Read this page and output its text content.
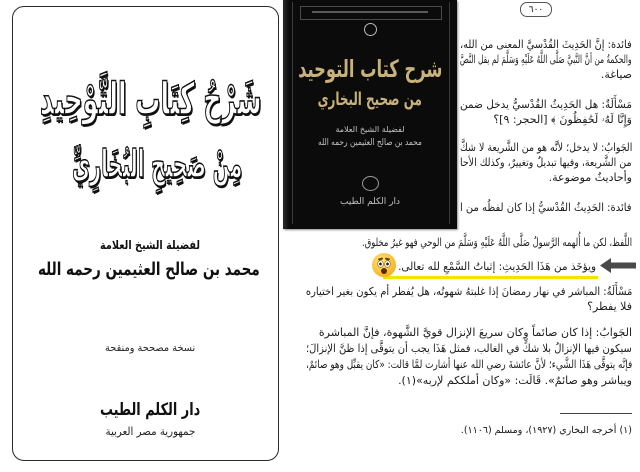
شَرْحُ كِتَابِ التَّوْحِيدِ
مِنْ صَحِيحِ البُخَارِيِّ
لفضيلة الشيخ العلامة
محمد بن صالح العثيمين رحمه الله
نسخة مصححة ومنقحة
دار الكلم الطيب
جمهورية مصر العربية
٦٠٠
فائدة: إنَّ الحَدِيثَ القُدْسيَّ المعنى من الله،
والحكمةُ من أنَّ النَّبيَّ صَلَّى اللَّهُ عَلَيْهِ وَسَلَّمَ لم يقل النَّصَّ
صياغة.
مَسْأَلَةٌ: هل الحَدِيثُ القُدْسيُّ يدخل ضمن
وَإِنَّا لَهُۥ لَحَٰفِظُونَ ﴾ [الحجر: ٩]؟
الجَوابُ: لا يدخل؛ لأنَّه هو من الشَّريعة لا شكَّ
من الشَّريعة، وفيها تبديلٌ وتغييرٌ، وكذلك الأحا
وأحاديثُ موضوعة.
فائدة: الحَدِيثُ القُدْسيُّ إذا كان لفظُه من ا
اللَّفظ، لكن ما أُلهمه الرَّسولُ صَلَّى اللَّهُ عَلَيْهِ وَسَلَّمَ من الوحي فهو غيرُ مخلوق.
ويؤخَذ من هَذَا الحَدِيثِ: إثباتُ السَّمْعِ لله تعالى.
مَسْأَلَةٌ: المباشر في نهار رمضانَ إذا غلبتهُ شهوتُه، هل يُفطر أم يكون بغير اختياره
فلا يفطر؟
الجَوابُ: إذا كان صائماً وكان سريعَ الإنزال قويَّ الشَّهوة، فإنَّ المباشرة
سيكون فيها الإنزالُ بلا شكٍّ في الغالب، فمثل هَذَا يجب أن يتوقَّى إذا ظنَّ الإنزالَ؛
فإنَّه يتوقَّى هَذَا الشَّيء؛ لأنَّ عائشةَ رضي الله عنها أشارت لمَّا قالت: «كان يقبِّل وهو صائمٌ،
ويباشر وهو صائمٌ». قَالَت: «وكان أملككم لإربه»(١).
(١) أخرجه البخاري (١٩٢٧)، ومسلم (١١٠٦).
شرح كتاب التوحيد
من صحيح البخاري
لفضيلة الشيخ العلامة
محمد بن صالح العثيمين رحمه الله
دار الكلم الطيب
